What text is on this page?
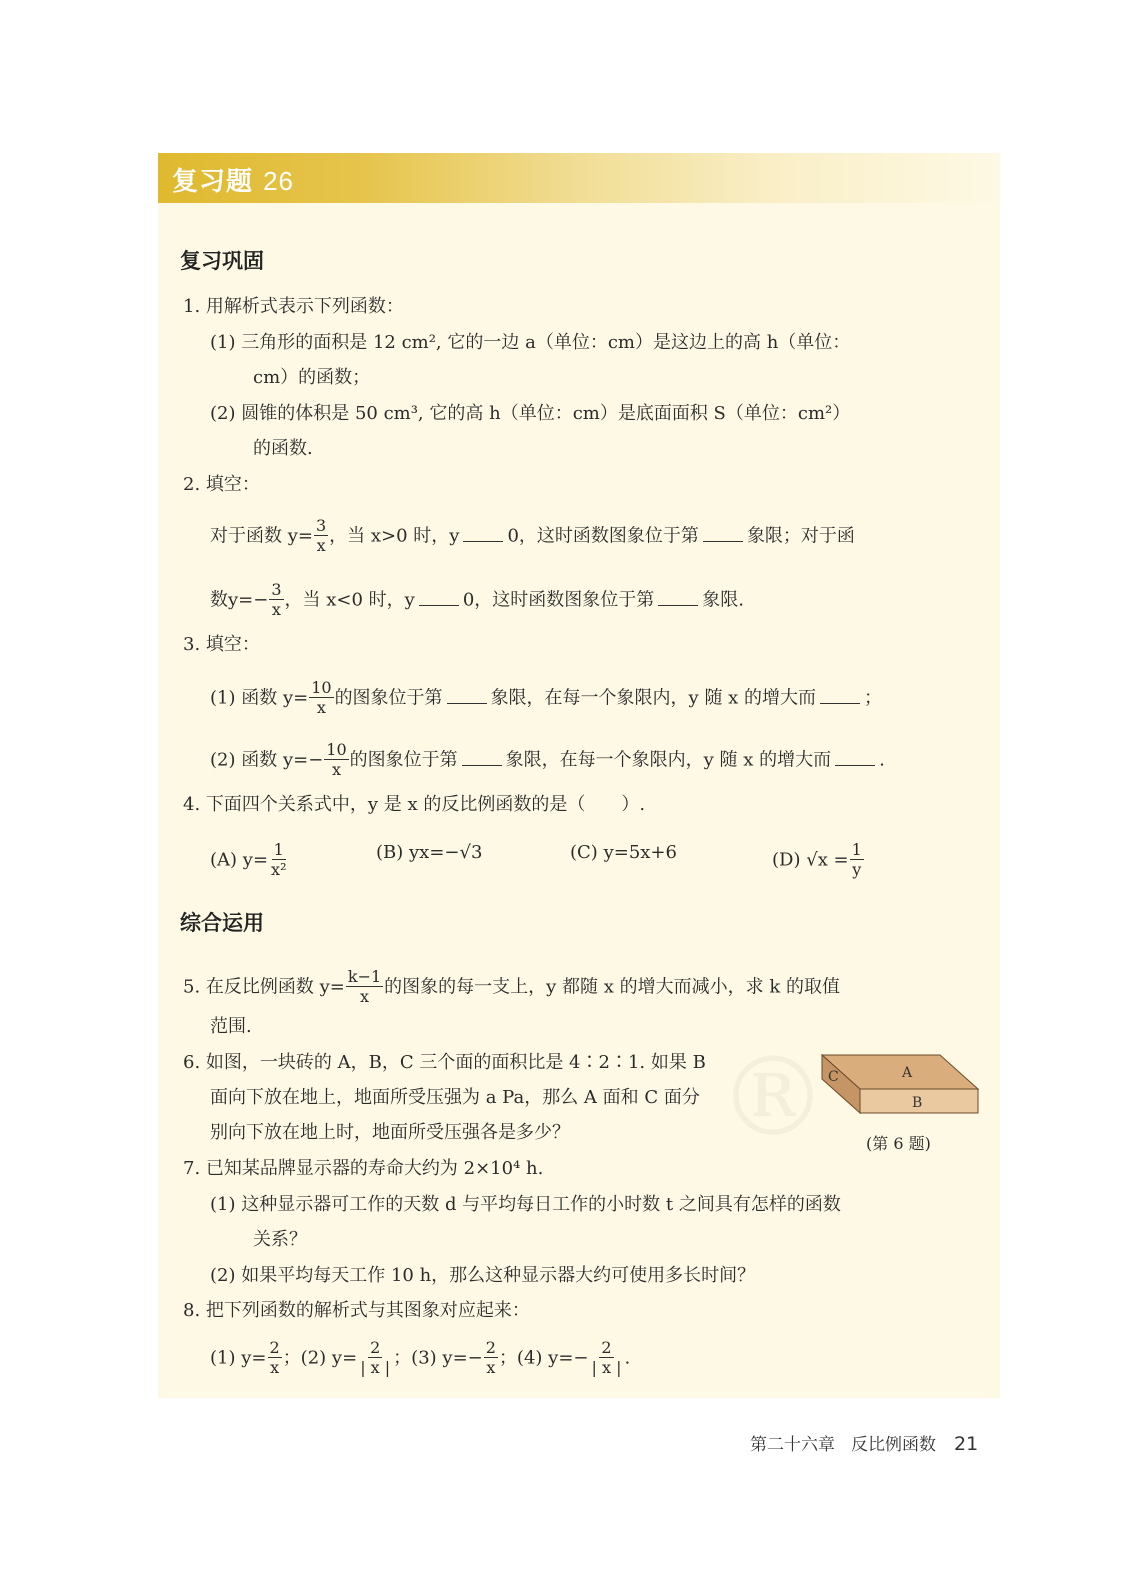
复习题 26
复习巩固
1. 用解析式表示下列函数：
(1) 三角形的面积是 12 cm², 它的一边 a（单位：cm）是这边上的高 h（单位：
cm）的函数；
(2) 圆锥的体积是 50 cm³, 它的高 h（单位：cm）是底面面积 S（单位：cm²）
的函数.
2. 填空：
对于函数 $y= \frac{3}{x}$ ，当 x>0 时，y	0，这时函数图象位于第	象限；对于函
数$y=- \frac{3}{x}$ ，当 x<0 时，y	0，这时函数图象位于第	象限.
3. 填空：
(1) 函数 $y= \frac{10}{x}$ 的图象位于第	象限，在每一个象限内，y 随 x 的增大而	；
(2) 函数 $y=- \frac{10}{x}$ 的图象位于第	象限，在每一个象限内，y 随 x 的增大而	.
4. 下面四个关系式中，y 是 x 的反比例函数的是（　　）.
(A) $y= \frac{1}{\text{x²}}$	(B) yx=−√3	(C) y=5x+6	(D) $√x = \frac{1}{y}$
综合运用
5. 在反比例函数 $y= \frac{k-1}{x}$ 的图象的每一支上，y 都随 x 的增大而减小，求 k 的取值
范围.
6. 如图，一块砖的 A，B，C 三个面的面积比是 4∶2∶1. 如果 B
面向下放在地上，地面所受压强为 a Pa，那么 A 面和 C 面分
别向下放在地上时，地面所受压强各是多少？
A
C
B
(第 6 题)
7. 已知某品牌显示器的寿命大约为 2×10⁴ h.
(1) 这种显示器可工作的天数 d 与平均每日工作的小时数 t 之间具有怎样的函数
关系？
(2) 如果平均每天工作 10 h，那么这种显示器大约可使用多长时间？
8. 把下列函数的解析式与其图象对应起来：
(1) $y= \frac{2}{x}$ ；(2) $y= \frac{2}{| x |}$ ；(3) $y=- \frac{2}{x}$ ；(4) $y=- \frac{2}{| x |}$ .
第二十六章 反比例函数 21
